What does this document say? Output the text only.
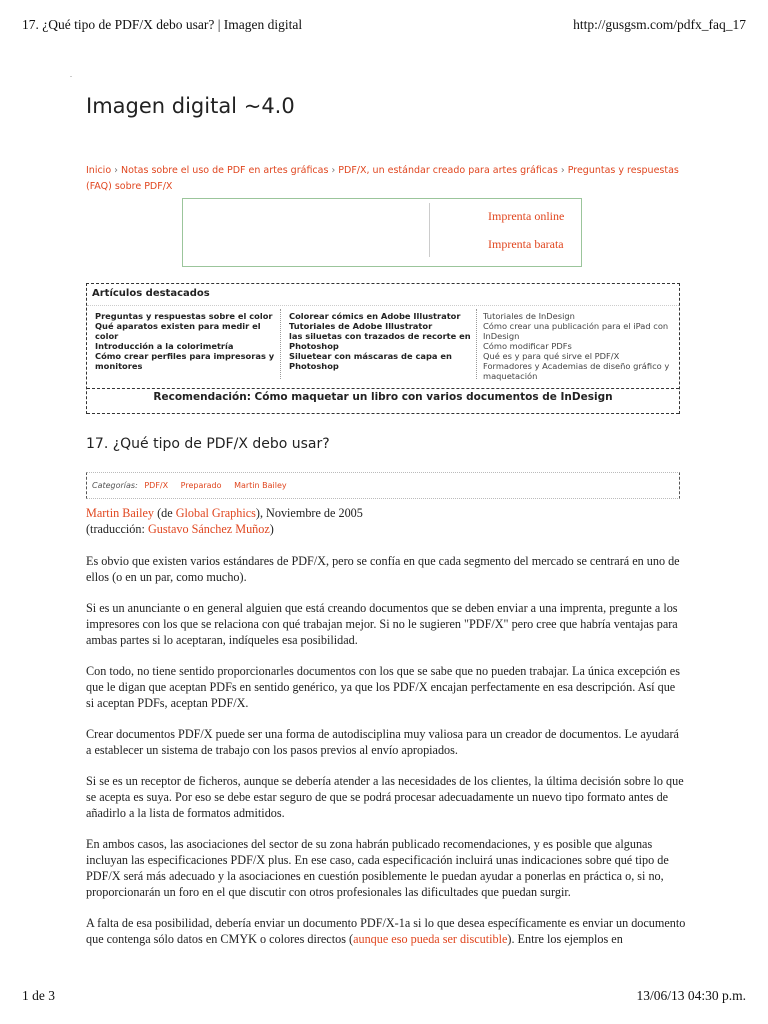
17. ¿Qué tipo de PDF/X debo usar? | Imagen digital	http://gusgsm.com/pdfx_faq_17
Imagen digital ~4.0
Inicio › Notas sobre el uso de PDF en artes gráficas › PDF/X, un estándar creado para artes gráficas › Preguntas y respuestas (FAQ) sobre PDF/X
Imprenta online
Imprenta barata
Artículos destacados
Preguntas y respuestas sobre el color
Qué aparatos existen para medir el color
Introducción a la colorimetría
Cómo crear perfiles para impresoras y monitores
Colorear cómics en Adobe Illustrator
Tutoriales de Adobe Illustrator
las siluetas con trazados de recorte en Photoshop
Siluetear con máscaras de capa en Photoshop
Tutoriales de InDesign
Cómo crear una publicación para el iPad con InDesign
Cómo modificar PDFs
Qué es y para qué sirve el PDF/X
Formadores y Academias de diseño gráfico y maquetación
Recomendación: Cómo maquetar un libro con varios documentos de InDesign
17. ¿Qué tipo de PDF/X debo usar?
Categorías: PDF/X Preparado Martin Bailey

Martin Bailey (de Global Graphics), Noviembre de 2005
(traducción: Gustavo Sánchez Muñoz)

Es obvio que existen varios estándares de PDF/X, pero se confía en que cada segmento del mercado se centrará en uno de ellos (o en un par, como mucho).

Si es un anunciante o en general alguien que está creando documentos que se deben enviar a una imprenta, pregunte a los impresores con los que se relaciona con qué trabajan mejor. Si no le sugieren "PDF/X" pero cree que habría ventajas para ambas partes si lo aceptaran, indíqueles esa posibilidad.

Con todo, no tiene sentido proporcionarles documentos con los que se sabe que no pueden trabajar. La única excepción es que le digan que aceptan PDFs en sentido genérico, ya que los PDF/X encajan perfectamente en esa descripción. Así que si aceptan PDFs, aceptan PDF/X.

Crear documentos PDF/X puede ser una forma de autodisciplina muy valiosa para un creador de documentos. Le ayudará a establecer un sistema de trabajo con los pasos previos al envío apropiados.

Si se es un receptor de ficheros, aunque se debería atender a las necesidades de los clientes, la última decisión sobre lo que se acepta es suya. Por eso se debe estar seguro de que se podrá procesar adecuadamente un nuevo tipo formato antes de añadirlo a la lista de formatos admitidos.

En ambos casos, las asociaciones del sector de su zona habrán publicado recomendaciones, y es posible que algunas incluyan las especificaciones PDF/X plus. En ese caso, cada especificación incluirá unas indicaciones sobre qué tipo de PDF/X será más adecuado y la asociaciones en cuestión posiblemente le puedan ayudar a ponerlas en práctica o, si no, proporcionarán un foro en el que discutir con otros profesionales las dificultades que puedan surgir.

A falta de esa posibilidad, debería enviar un documento PDF/X-1a si lo que desea específicamente es enviar un documento que contenga sólo datos en CMYK o colores directos (aunque eso pueda ser discutible). Entre los ejemplos en

1 de 3	13/06/13 04:30 p.m.
